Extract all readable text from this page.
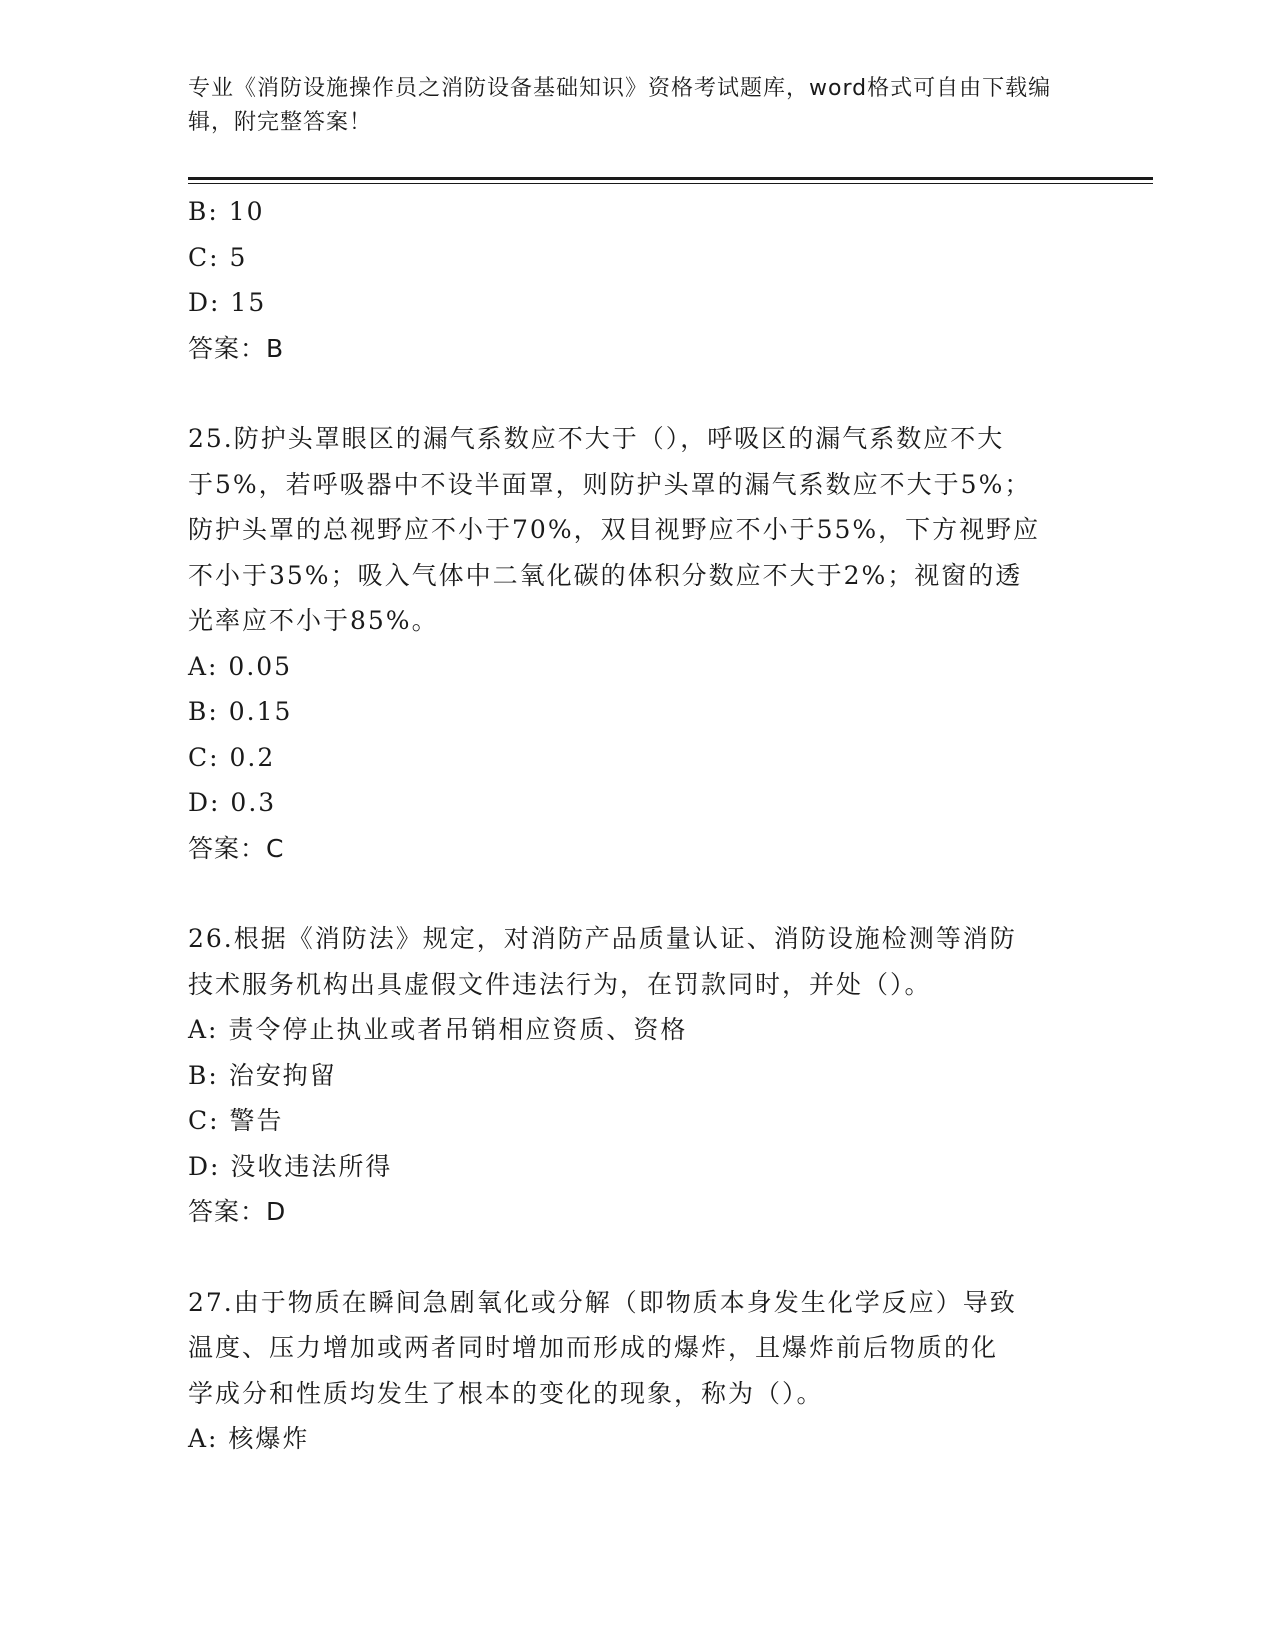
专业《消防设施操作员之消防设备基础知识》资格考试题库，word格式可自由下载编辑，附完整答案！
B: 10
C: 5
D: 15
答案：B
25.防护头罩眼区的漏气系数应不大于（），呼吸区的漏气系数应不大
于5%，若呼吸器中不设半面罩，则防护头罩的漏气系数应不大于5%；
防护头罩的总视野应不小于70%，双目视野应不小于55%，下方视野应
不小于35%；吸入气体中二氧化碳的体积分数应不大于2%；视窗的透
光率应不小于85%。
A: 0.05
B: 0.15
C: 0.2
D: 0.3
答案：C
26.根据《消防法》规定，对消防产品质量认证、消防设施检测等消防
技术服务机构出具虚假文件违法行为，在罚款同时，并处（）。
A: 责令停止执业或者吊销相应资质、资格
B: 治安拘留
C: 警告
D: 没收违法所得
答案：D
27.由于物质在瞬间急剧氧化或分解（即物质本身发生化学反应）导致
温度、压力增加或两者同时增加而形成的爆炸，且爆炸前后物质的化
学成分和性质均发生了根本的变化的现象，称为（）。
A: 核爆炸
